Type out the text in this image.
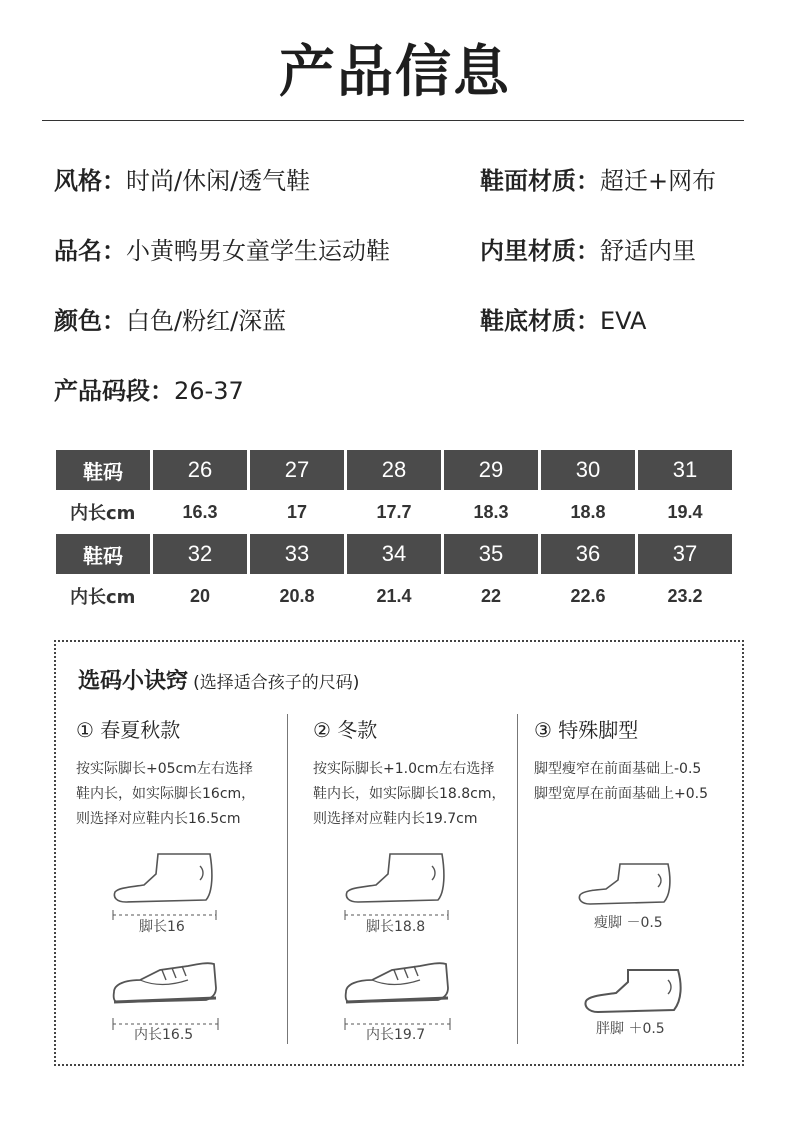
产品信息
风格：时尚/休闲/透气鞋	鞋面材质：超迁+网布
品名：小黄鸭男女童学生运动鞋	内里材质：舒适内里
颜色：白色/粉红/深蓝	鞋底材质：EVA
产品码段：26-37
鞋码	26	27	28	29	30	31
内长cm	16.3	17	17.7	18.3	18.8	19.4
鞋码	32	33	34	35	36	37
内长cm	20	20.8	21.4	22	22.6	23.2
选码小诀窍 (选择适合孩子的尺码)
① 春夏秋款
按实际脚长+05cm左右选择
鞋内长，如实际脚长16cm，
则选择对应鞋内长16.5cm
脚长16
内长16.5
② 冬款
按实际脚长+1.0cm左右选择
鞋内长，如实际脚长18.8cm，
则选择对应鞋内长19.7cm
脚长18.8
内长19.7
③ 特殊脚型
脚型瘦窄在前面基础上-0.5
脚型宽厚在前面基础上+0.5
瘦脚 －0.5
胖脚 ＋0.5
